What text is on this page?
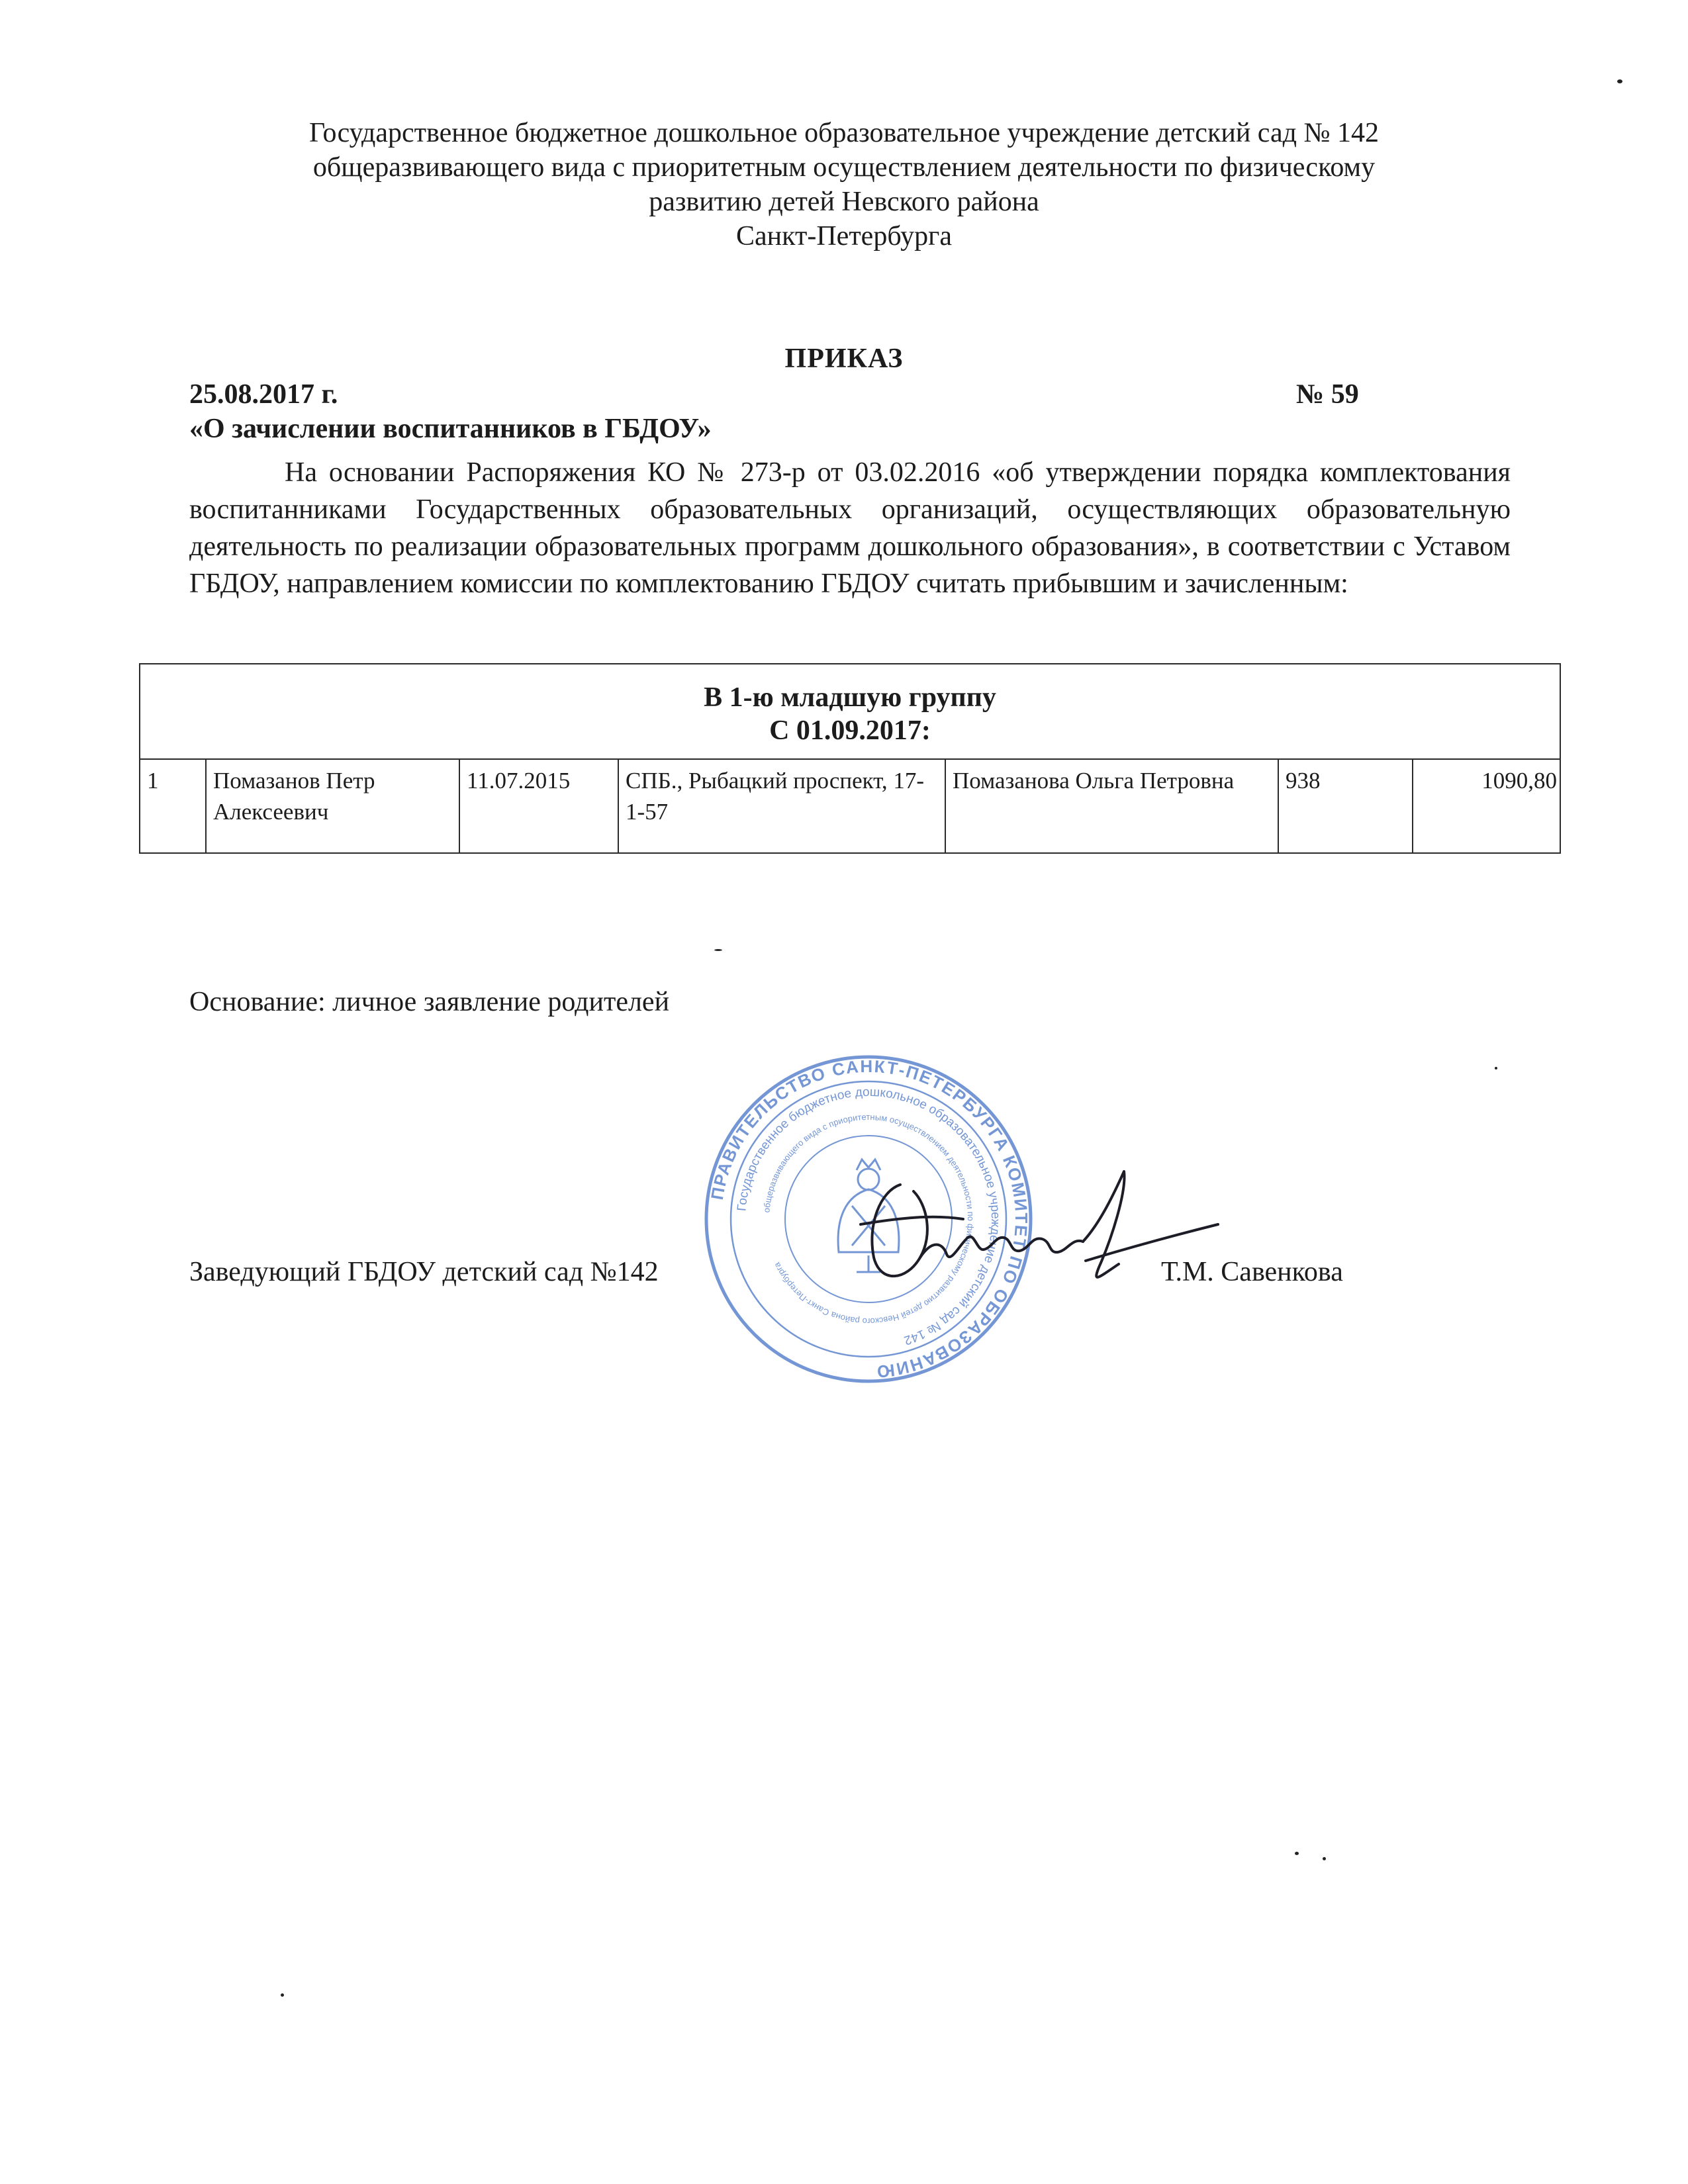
Государственное бюджетное дошкольное образовательное учреждение детский сад № 142
общеразвивающего вида с приоритетным осуществлением деятельности по физическому
развитию детей Невского района
Санкт-Петербурга
ПРИКАЗ
25.08.2017 г.	№ 59
«О зачислении воспитанников в ГБДОУ»
На основании Распоряжения КО № 273-р от 03.02.2016 «об утверждении порядка комплектования воспитанниками Государственных образовательных организаций, осуществляющих образовательную деятельность по реализации образовательных программ дошкольного образования», в соответствии с Уставом ГБДОУ, направлением комиссии по комплектованию ГБДОУ считать прибывшим и зачисленным:
В 1-ю младшую группу
С 01.09.2017:

1	Помазанов Петр Алексеевич	11.07.2015	СПБ., Рыбацкий проспект, 17-1-57	Помазанова Ольга Петровна	938	1090,80
Основание: личное заявление родителей
ПРАВИТЕЛЬСТВО САНКТ-ПЕТЕРБУРГА КОМИТЕТ ПО ОБРАЗОВАНИЮ
Государственное бюджетное дошкольное образовательное учреждение детский сад № 142
общеразвивающего вида с приоритетным осуществлением деятельности по физическому развитию детей Невского района Санкт-Петербурга
Заведующий ГБДОУ детский сад №142	Т.М. Савенкова
